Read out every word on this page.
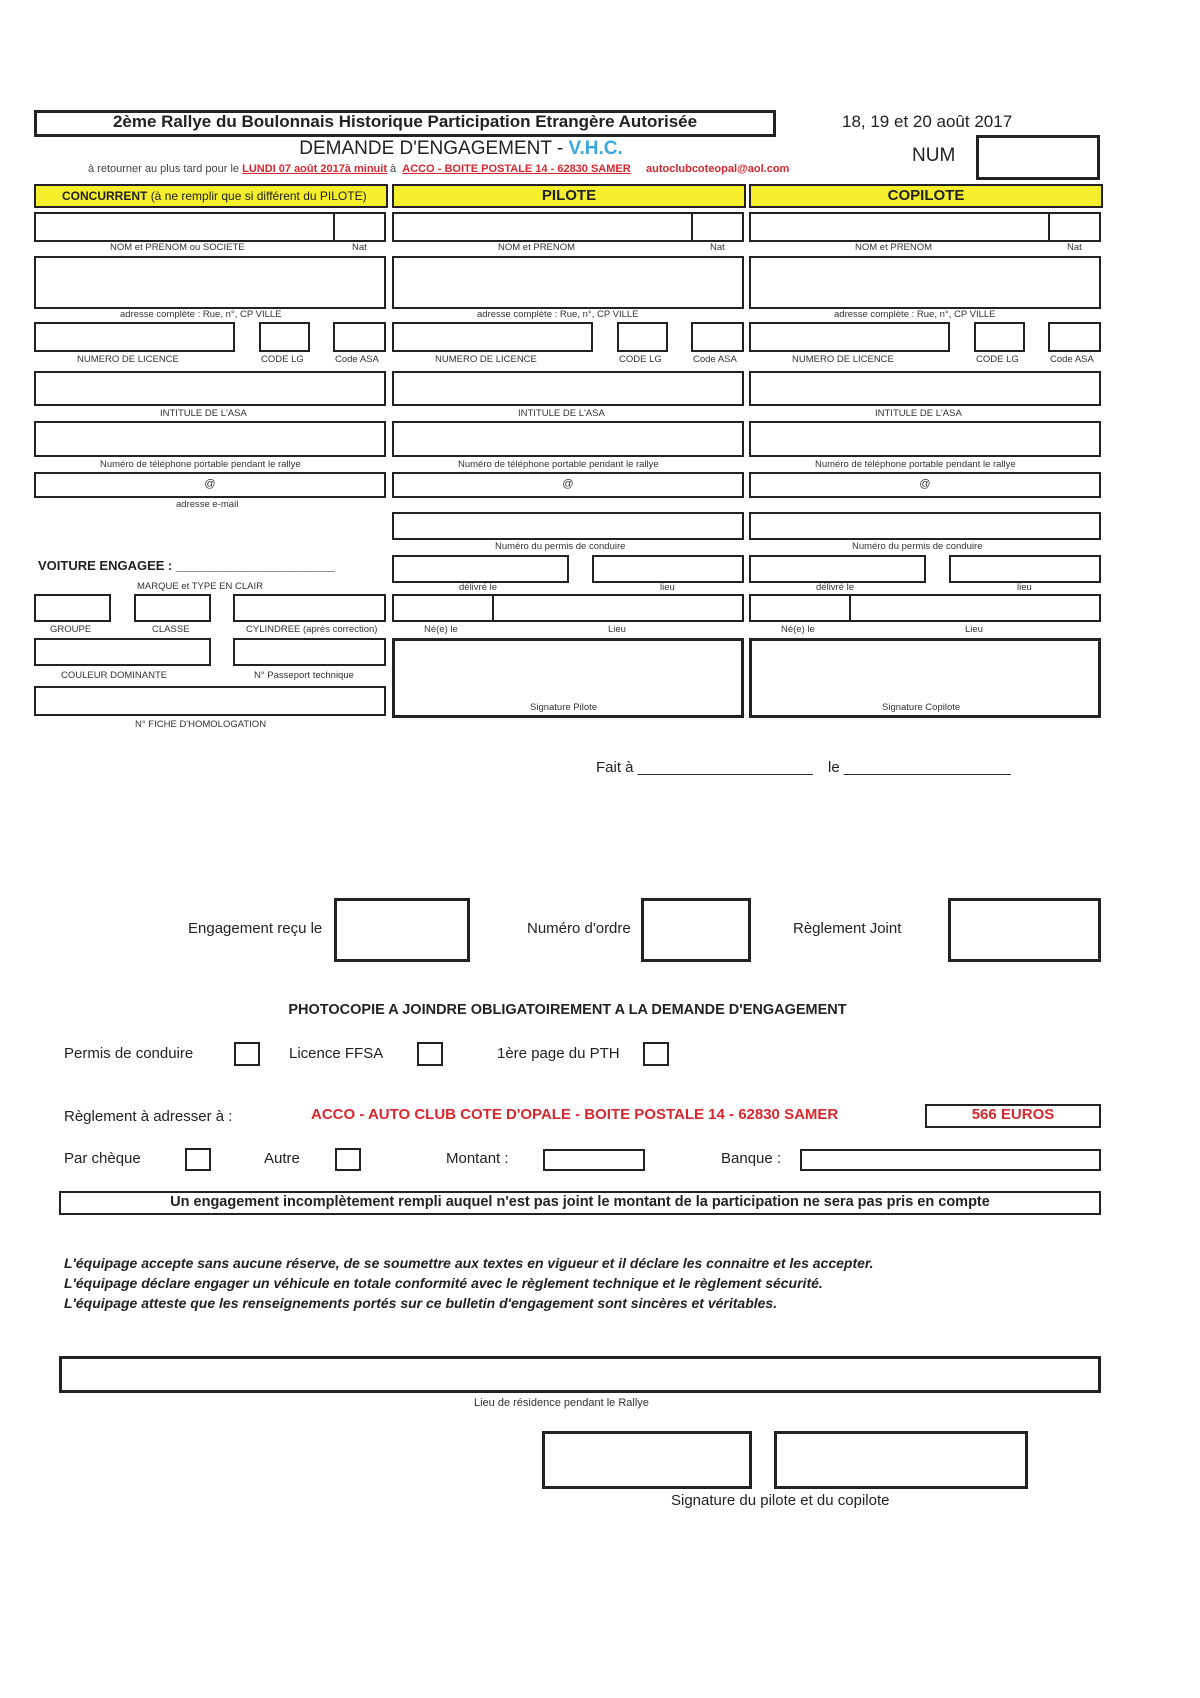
2ème Rallye du Boulonnais Historique Participation Etrangère Autorisée	18, 19 et 20 août 2017
DEMANDE D'ENGAGEMENT - V.H.C.	NUM
à retourner au plus tard pour le LUNDI 07 août 2017à minuit à ACCO - BOITE POSTALE 14 - 62830 SAMER autoclubcoteopal@aol.com
CONCURRENT (à ne remplir que si différent du PILOTE)	PILOTE	COPILOTE
NOM et PRENOM ou SOCIETE	Nat
adresse complète : Rue, n°, CP VILLE
NUMERO DE LICENCE	CODE LG	Code ASA
INTITULE DE L'ASA
Numéro de téléphone portable pendant le rallye
@
adresse e-mail
VOITURE ENGAGEE : ______________________
MARQUE et TYPE EN CLAIR
GROUPE	CLASSE	CYLINDREE (après correction)
COULEUR DOMINANTE	N° Passeport technique
N° FICHE D'HOMOLOGATION
NOM et PRENOM	Nat
adresse complète : Rue, n°, CP VILLE
NUMERO DE LICENCE	CODE LG	Code ASA
INTITULE DE L'ASA
Numéro de téléphone portable pendant le rallye
@
Numéro du permis de conduire
délivré le	lieu
Né(e) le	Lieu
Signature Pilote
NOM et PRENOM	Nat
adresse complète : Rue, n°, CP VILLE
NUMERO DE LICENCE	CODE LG	Code ASA
INTITULE DE L'ASA
Numéro de téléphone portable pendant le rallye
@
Numéro du permis de conduire
délivré le	lieu
Né(e) le	Lieu
Signature Copilote
Fait à _____________________ le ____________________
Engagement reçu le	Numéro d'ordre	Règlement Joint
PHOTOCOPIE A JOINDRE OBLIGATOIREMENT A LA DEMANDE D'ENGAGEMENT
Permis de conduire	Licence FFSA	1ère page du PTH
Règlement à adresser à :	ACCO - AUTO CLUB COTE D'OPALE - BOITE POSTALE 14 - 62830 SAMER	566 EUROS
Par chèque	Autre	Montant :	Banque :
Un engagement incomplètement rempli auquel n'est pas joint le montant de la participation ne sera pas pris en compte
L'équipage accepte sans aucune réserve, de se soumettre aux textes en vigueur et il déclare les connaitre et les accepter.
L'équipage déclare engager un véhicule en totale conformité avec le règlement technique et le règlement sécurité.
L'équipage atteste que les renseignements portés sur ce bulletin d'engagement sont sincères et véritables.
Lieu de résidence pendant le Rallye
Signature du pilote et du copilote
